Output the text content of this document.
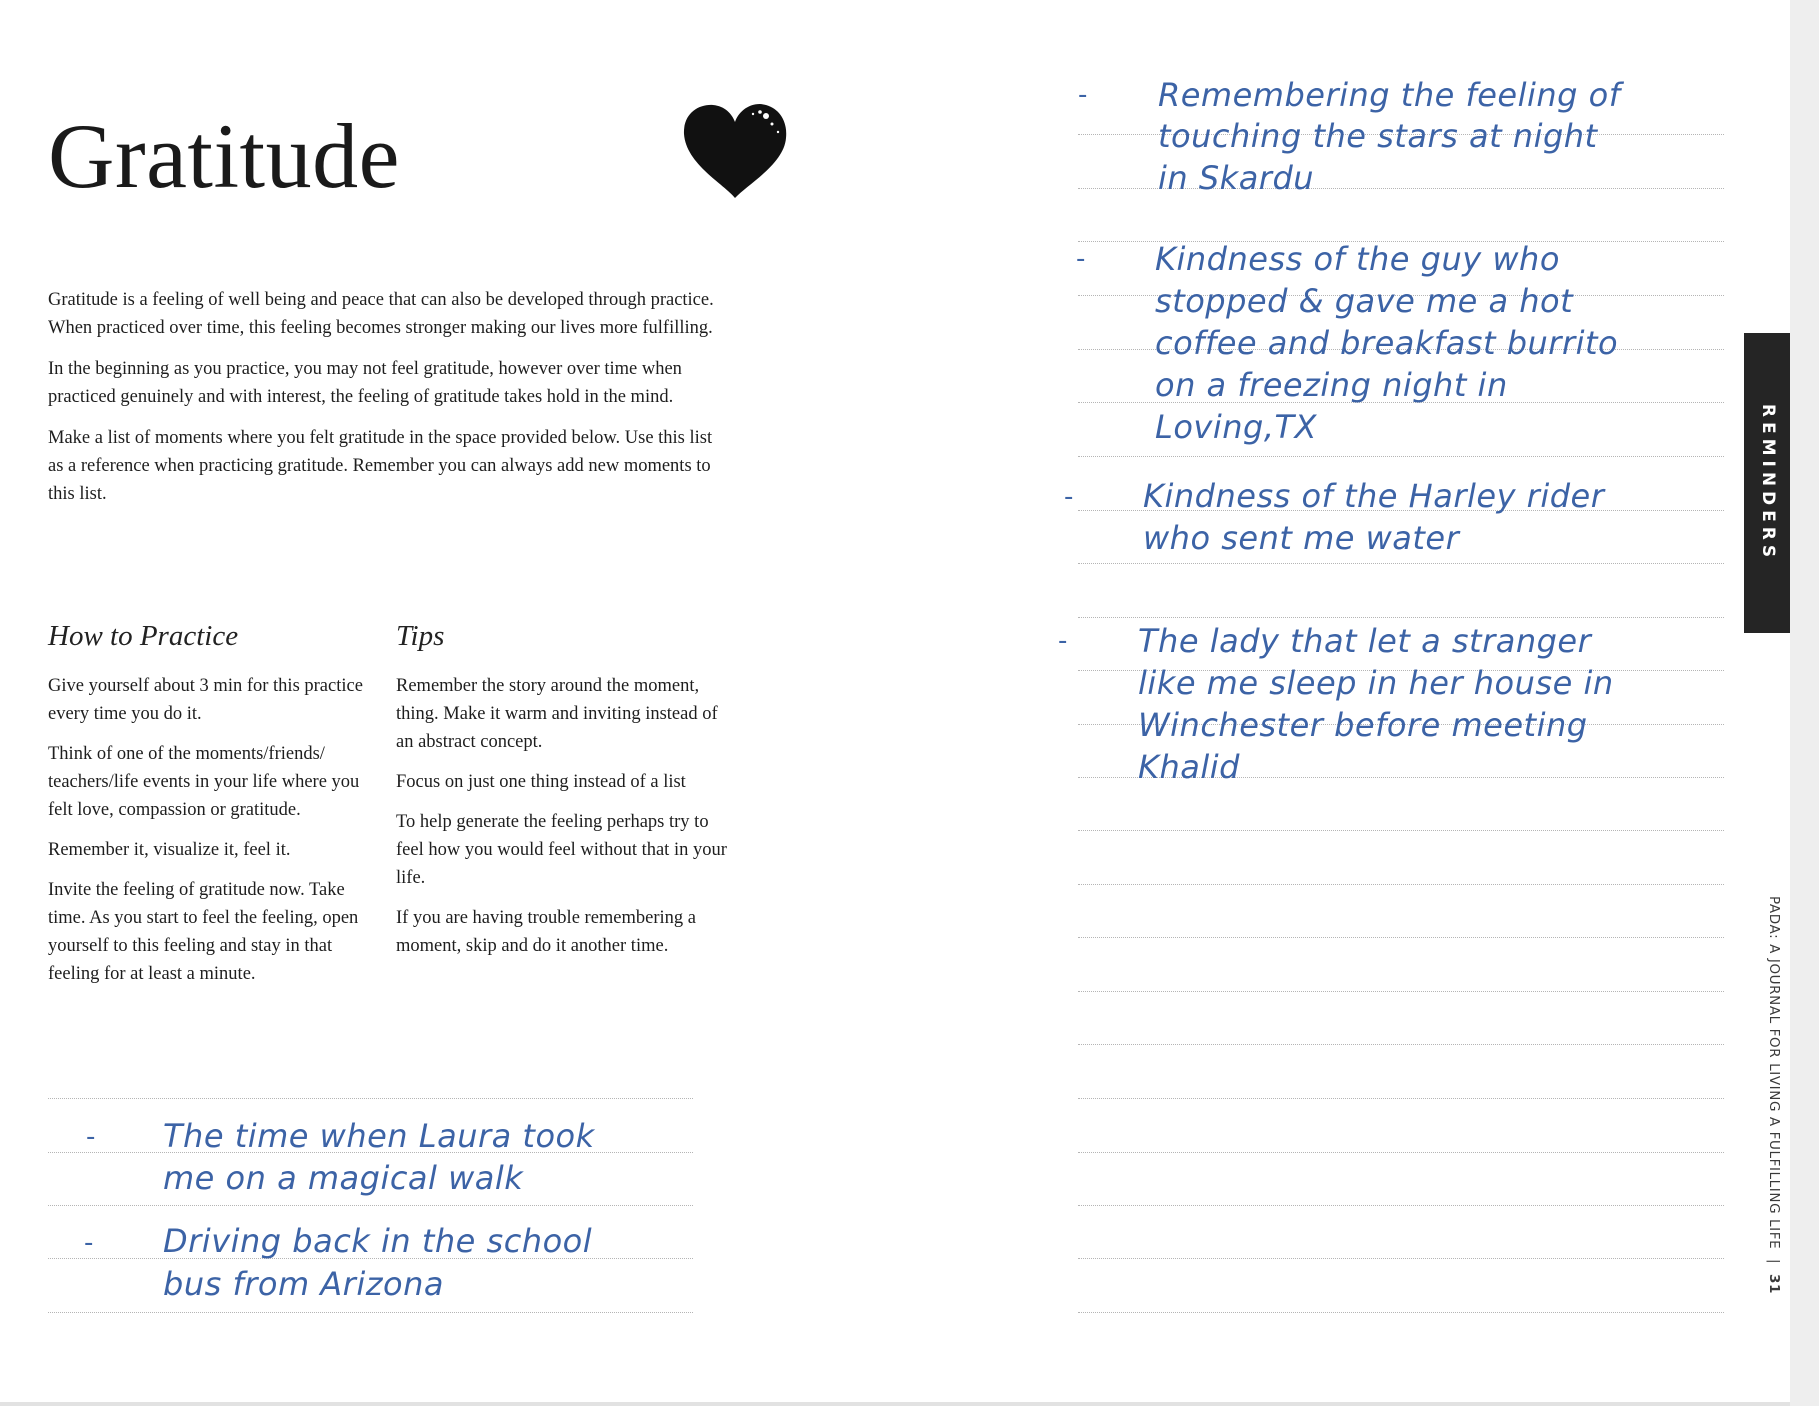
Gratitude

Gratitude is a feeling of well being and peace that can also be developed through practice. When practiced over time, this feeling becomes stronger making our lives more fulfilling.

In the beginning as you practice, you may not feel gratitude, however over time when practiced genuinely and with interest, the feeling of gratitude takes hold in the mind.

Make a list of moments where you felt gratitude in the space provided below. Use this list as a reference when practicing gratitude. Remember you can always add new moments to this list.

How to Practice

Give yourself about 3 min for this practice every time you do it.

Think of one of the moments/friends/ teachers/life events in your life where you felt love, compassion or gratitude.

Remember it, visualize it, feel it.

Invite the feeling of gratitude now. Take time. As you start to feel the feeling, open yourself to this feeling and stay in that feeling for at least a minute.

Tips

Remember the story around the moment, thing. Make it warm and inviting instead of an abstract concept.

Focus on just one thing instead of a list

To help generate the feeling perhaps try to feel how you would feel without that in your life.

If you are having trouble remembering a moment, skip and do it another time.

- The time when Laura took
me on a magical walk
- Driving back in the school
bus from Arizona
- Remembering the feeling of
touching the stars at night
in Skardu
- Kindness of the guy who
stopped & gave me a hot
coffee and breakfast burrito
on a freezing night in
Loving,TX
- Kindness of the Harley rider
who sent me water
- The lady that let a stranger
like me sleep in her house in
Winchester before meeting
Khalid
REMINDERS
PADA: A JOURNAL FOR LIVING A FULFILLING LIFE  |  31
